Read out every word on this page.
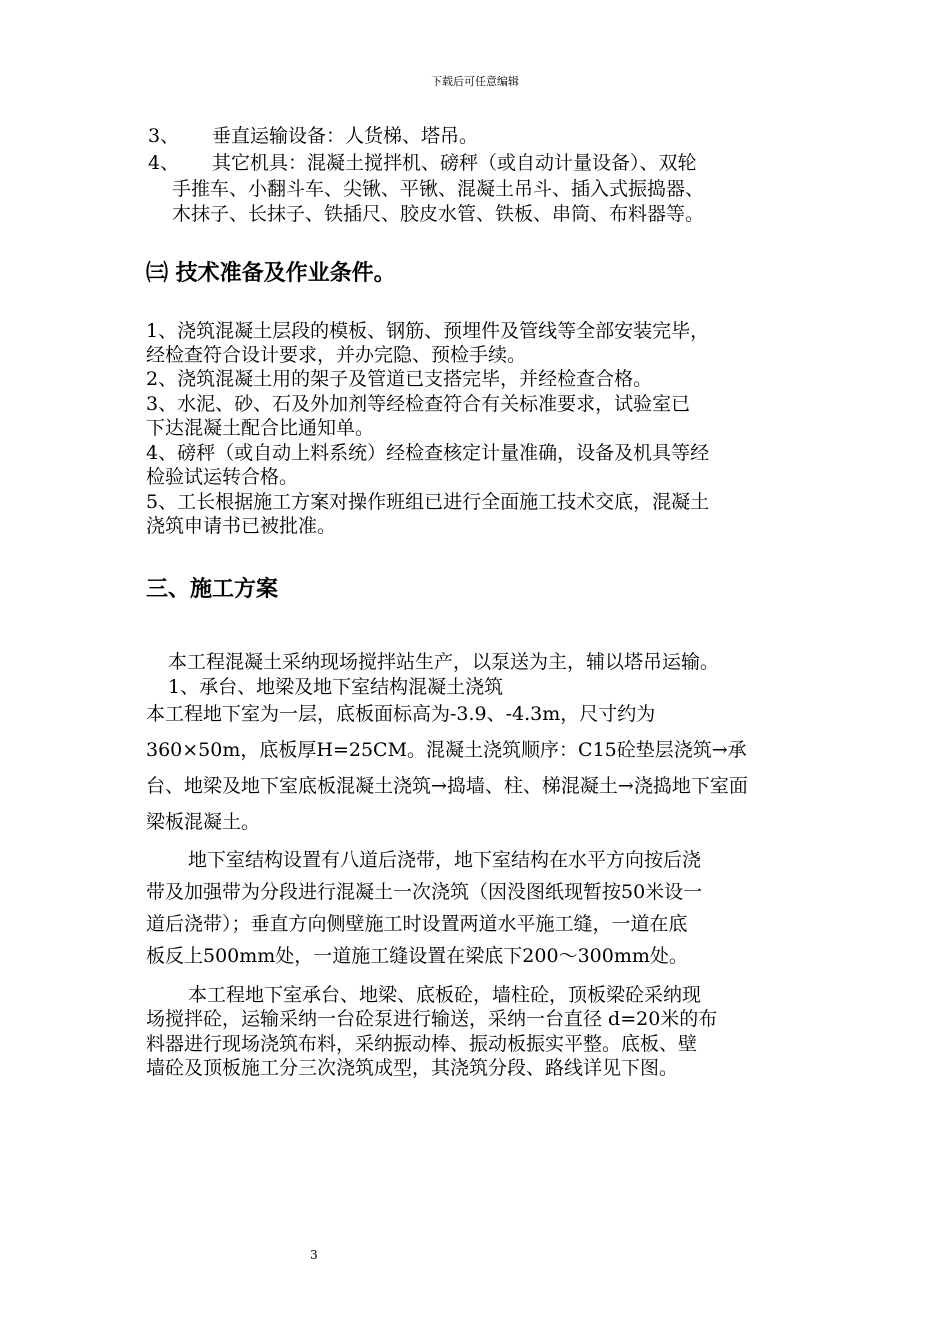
下载后可任意编辑
3、 垂直运输设备：人货梯、塔吊。
4、 其它机具：混凝土搅拌机、磅秤（或自动计量设备）、双轮
手推车、小翻斗车、尖锹、平锹、混凝土吊斗、插入式振捣器、
木抹子、长抹子、铁插尺、胶皮水管、铁板、串筒、布料器等。
㈢ 技术准备及作业条件。
1、浇筑混凝土层段的模板、钢筋、预埋件及管线等全部安装完毕，
经检查符合设计要求，并办完隐、预检手续。
2、浇筑混凝土用的架子及管道已支搭完毕，并经检查合格。
3、水泥、砂、石及外加剂等经检查符合有关标准要求，试验室已
下达混凝土配合比通知单。
4、磅秤（或自动上料系统）经检查核定计量准确，设备及机具等经
检验试运转合格。
5、工长根据施工方案对操作班组已进行全面施工技术交底，混凝土
浇筑申请书已被批准。
三、施工方案
本工程混凝土采纳现场搅拌站生产，以泵送为主，辅以塔吊运输。
1、承台、地梁及地下室结构混凝土浇筑
本工程地下室为一层，底板面标高为-3.9、-4.3m，尺寸约为
360×50m，底板厚H=25CM。混凝土浇筑顺序：C15砼垫层浇筑→承
台、地梁及地下室底板混凝土浇筑→捣墙、柱、梯混凝土→浇捣地下室面
梁板混凝土。
地下室结构设置有八道后浇带，地下室结构在水平方向按后浇
带及加强带为分段进行混凝土一次浇筑（因没图纸现暂按50米设一
道后浇带）；垂直方向侧壁施工时设置两道水平施工缝，一道在底
板反上500mm处，一道施工缝设置在梁底下200～300mm处。
本工程地下室承台、地梁、底板砼，墙柱砼，顶板梁砼采纳现
场搅拌砼，运输采纳一台砼泵进行输送，采纳一台直径 d=20米的布
料器进行现场浇筑布料，采纳振动棒、振动板振实平整。底板、壁
墙砼及顶板施工分三次浇筑成型，其浇筑分段、路线详见下图。
3
